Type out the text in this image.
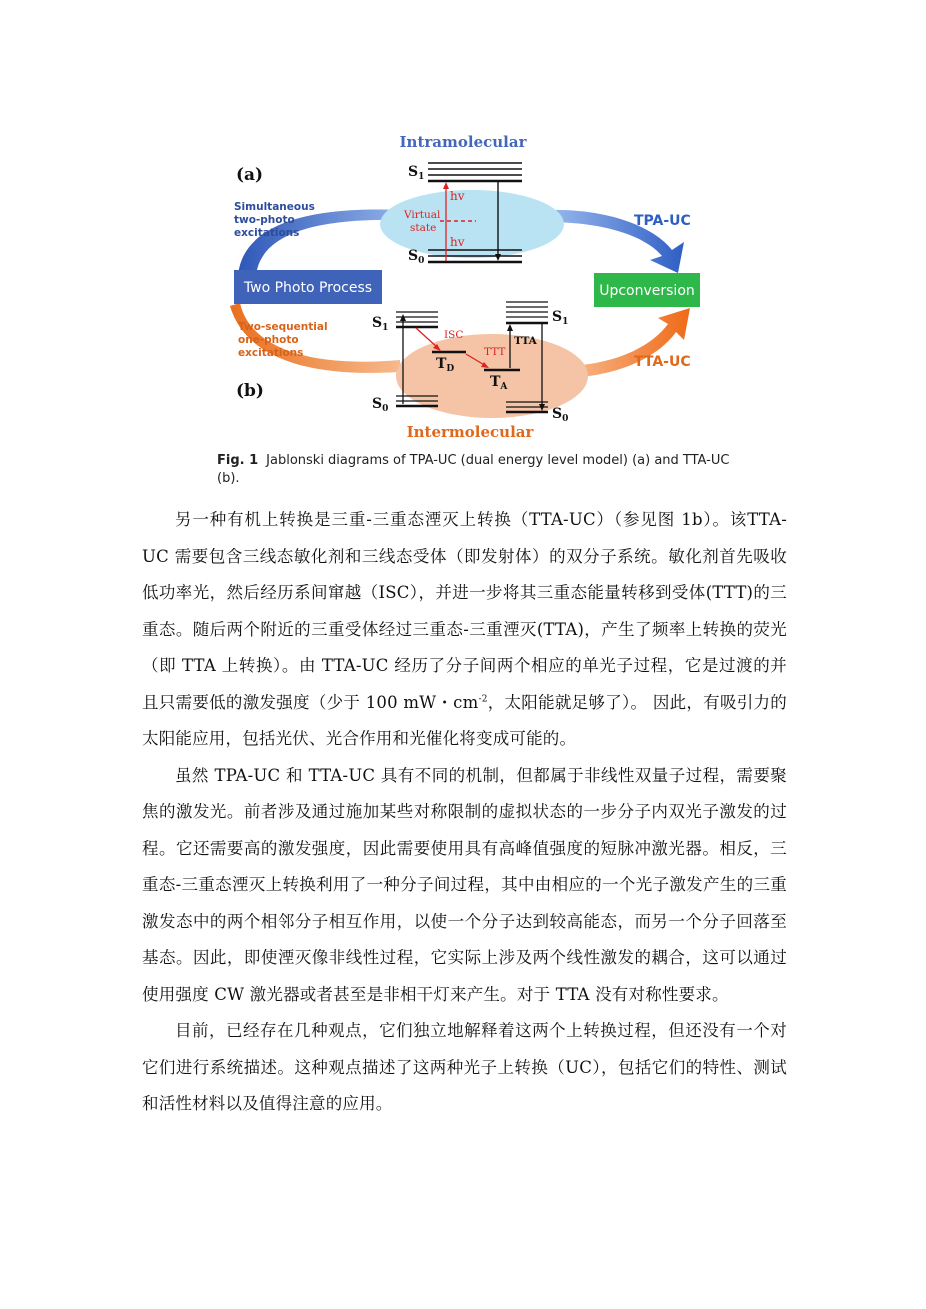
Intramolecular
Intermolecular
(a)
(b)
Simultaneous
two-photo
excitations
Two-sequential
one-photo
excitations
Two Photo Process	Upconversion
TPA-UC
TTA-UC
$S_1$
$S_0$
hv
hv
Virtual
state
$S_1$
$S_0$
$S_1$
$S_0$
ISC
TTT
TTA
$T_D$
$T_A$
Fig. 1 Jablonski diagrams of TPA-UC (dual energy level model) (a) and TTA-UC (b).

另一种有机上转换是三重-三重态湮灭上转换（TTA-UC）（参见图 1b）。该TTA-UC 需要包含三线态敏化剂和三线态受体（即发射体）的双分子系统。敏化剂首先吸收低功率光，然后经历系间窜越（ISC），并进一步将其三重态能量转移到受体(TTT)的三重态。随后两个附近的三重受体经过三重态-三重湮灭(TTA)，产生了频率上转换的荧光（即 TTA 上转换）。由 TTA-UC 经历了分子间两个相应的单光子过程，它是过渡的并且只需要低的激发强度（少于 100 mW・$cm^{-2}$，太阳能就足够了）。 因此，有吸引力的太阳能应用，包括光伏、光合作用和光催化将变成可能的。

虽然 TPA-UC 和 TTA-UC 具有不同的机制，但都属于非线性双量子过程，需要聚焦的激发光。前者涉及通过施加某些对称限制的虚拟状态的一步分子内双光子激发的过程。它还需要高的激发强度，因此需要使用具有高峰值强度的短脉冲激光器。相反，三重态-三重态湮灭上转换利用了一种分子间过程，其中由相应的一个光子激发产生的三重激发态中的两个相邻分子相互作用，以使一个分子达到较高能态，而另一个分子回落至基态。因此，即使湮灭像非线性过程，它实际上涉及两个线性激发的耦合，这可以通过使用强度 CW 激光器或者甚至是非相干灯来产生。对于 TTA 没有对称性要求。

目前，已经存在几种观点，它们独立地解释着这两个上转换过程，但还没有一个对它们进行系统描述。这种观点描述了这两种光子上转换（UC），包括它们的特性、测试和活性材料以及值得注意的应用。
